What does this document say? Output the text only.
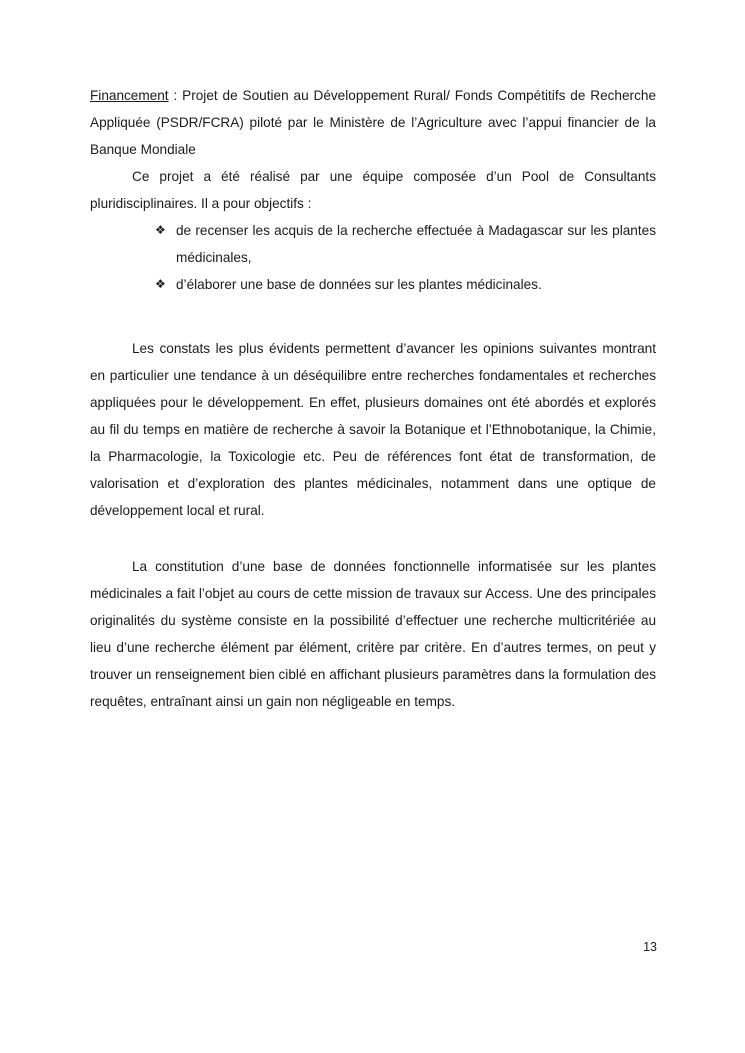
Financement : Projet de Soutien au Développement Rural/ Fonds Compétitifs de Recherche Appliquée (PSDR/FCRA) piloté par le Ministère de l’Agriculture avec l’appui financier de la Banque Mondiale

Ce projet a été réalisé par une équipe composée d’un Pool de Consultants pluridisciplinaires. Il a pour objectifs :

❖ de recenser les acquis de la recherche effectuée à Madagascar sur les plantes médicinales,
❖ d’élaborer une base de données sur les plantes médicinales.

Les constats les plus évidents permettent d’avancer les opinions suivantes montrant en particulier une tendance à un déséquilibre entre recherches fondamentales et recherches appliquées pour le développement. En effet, plusieurs domaines ont été abordés et explorés au fil du temps en matière de recherche à savoir la Botanique et l’Ethnobotanique, la Chimie, la Pharmacologie, la Toxicologie etc. Peu de références font état de transformation, de valorisation et d’exploration des plantes médicinales, notamment dans une optique de développement local et rural.

La constitution d’une base de données fonctionnelle informatisée sur les plantes médicinales a fait l’objet au cours de cette mission de travaux sur Access. Une des principales originalités du système consiste en la possibilité d’effectuer une recherche multicritériée au lieu d’une recherche élément par élément, critère par critère. En d’autres termes, on peut y trouver un renseignement bien ciblé en affichant plusieurs paramètres dans la formulation des requêtes, entraînant ainsi un gain non négligeable en temps.

13
